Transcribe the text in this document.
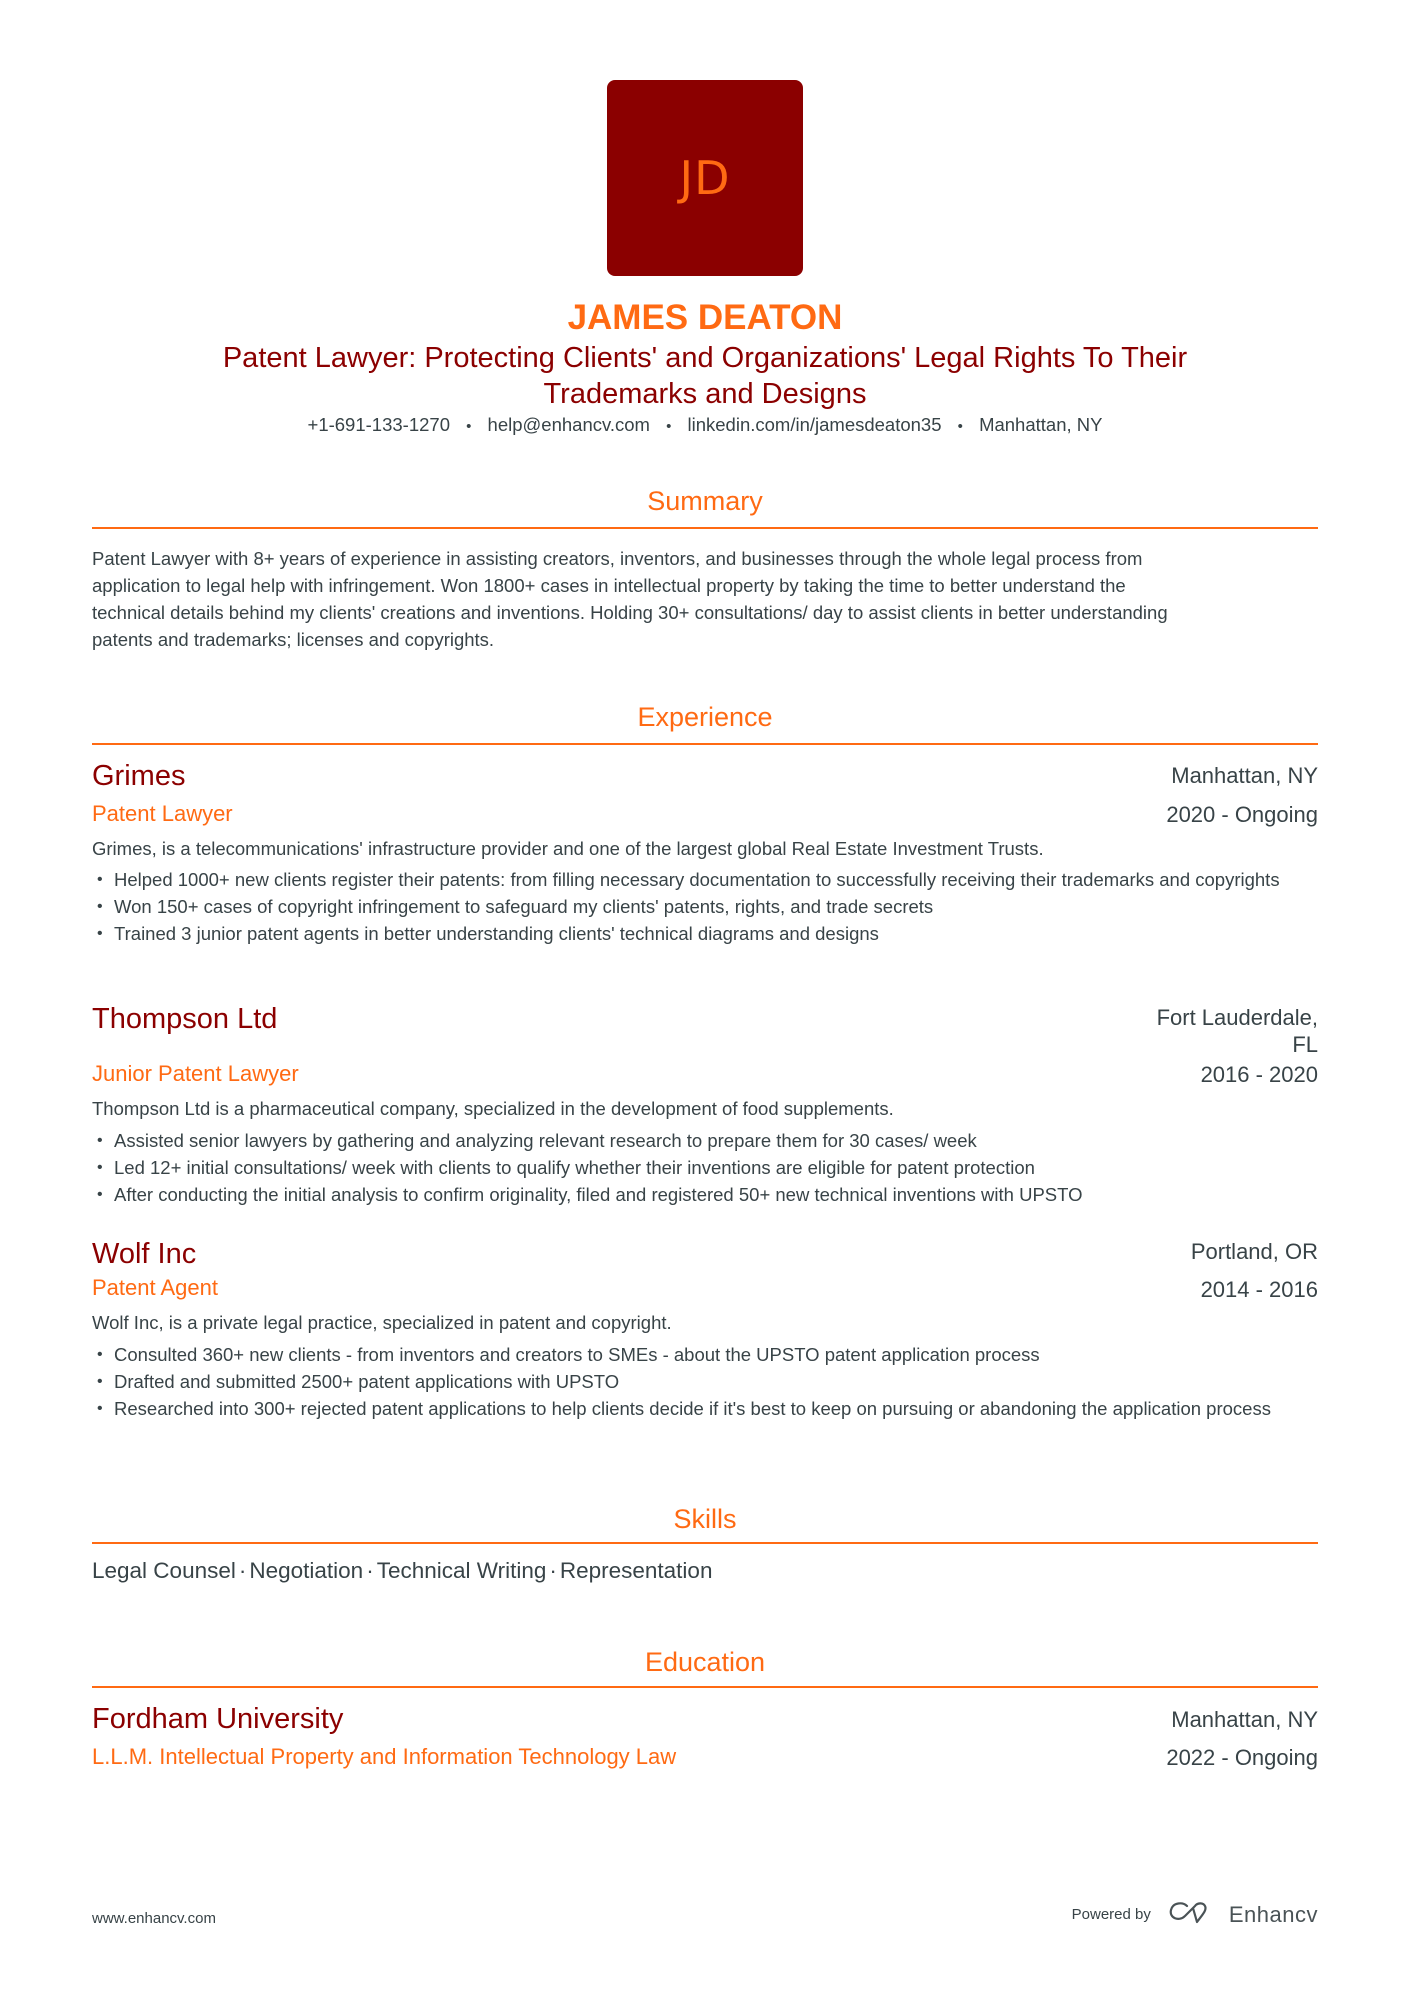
JD
JAMES DEATON
Patent Lawyer: Protecting Clients' and Organizations' Legal Rights To Their
Trademarks and Designs
+1-691-133-1270 • help@enhancv.com • linkedin.com/in/jamesdeaton35 • Manhattan, NY
Summary
Patent Lawyer with 8+ years of experience in assisting creators, inventors, and businesses through the whole legal process from
application to legal help with infringement. Won 1800+ cases in intellectual property by taking the time to better understand the
technical details behind my clients' creations and inventions. Holding 30+ consultations/ day to assist clients in better understanding
patents and trademarks; licenses and copyrights.
Experience
Grimes	Manhattan, NY
Patent Lawyer	2020 - Ongoing
Grimes, is a telecommunications' infrastructure provider and one of the largest global Real Estate Investment Trusts.
• Helped 1000+ new clients register their patents: from filling necessary documentation to successfully receiving their trademarks and copyrights
• Won 150+ cases of copyright infringement to safeguard my clients' patents, rights, and trade secrets
• Trained 3 junior patent agents in better understanding clients' technical diagrams and designs
Thompson Ltd	Fort Lauderdale,
FL
Junior Patent Lawyer	2016 - 2020
Thompson Ltd is a pharmaceutical company, specialized in the development of food supplements.
• Assisted senior lawyers by gathering and analyzing relevant research to prepare them for 30 cases/ week
• Led 12+ initial consultations/ week with clients to qualify whether their inventions are eligible for patent protection
• After conducting the initial analysis to confirm originality, filed and registered 50+ new technical inventions with UPSTO
Wolf Inc	Portland, OR
Patent Agent	2014 - 2016
Wolf Inc, is a private legal practice, specialized in patent and copyright.
• Consulted 360+ new clients - from inventors and creators to SMEs - about the UPSTO patent application process
• Drafted and submitted 2500+ patent applications with UPSTO
• Researched into 300+ rejected patent applications to help clients decide if it's best to keep on pursuing or abandoning the application process
Skills
Legal Counsel · Negotiation · Technical Writing · Representation
Education
Fordham University	Manhattan, NY
L.L.M. Intellectual Property and Information Technology Law	2022 - Ongoing
www.enhancv.com	Powered by	Enhancv
